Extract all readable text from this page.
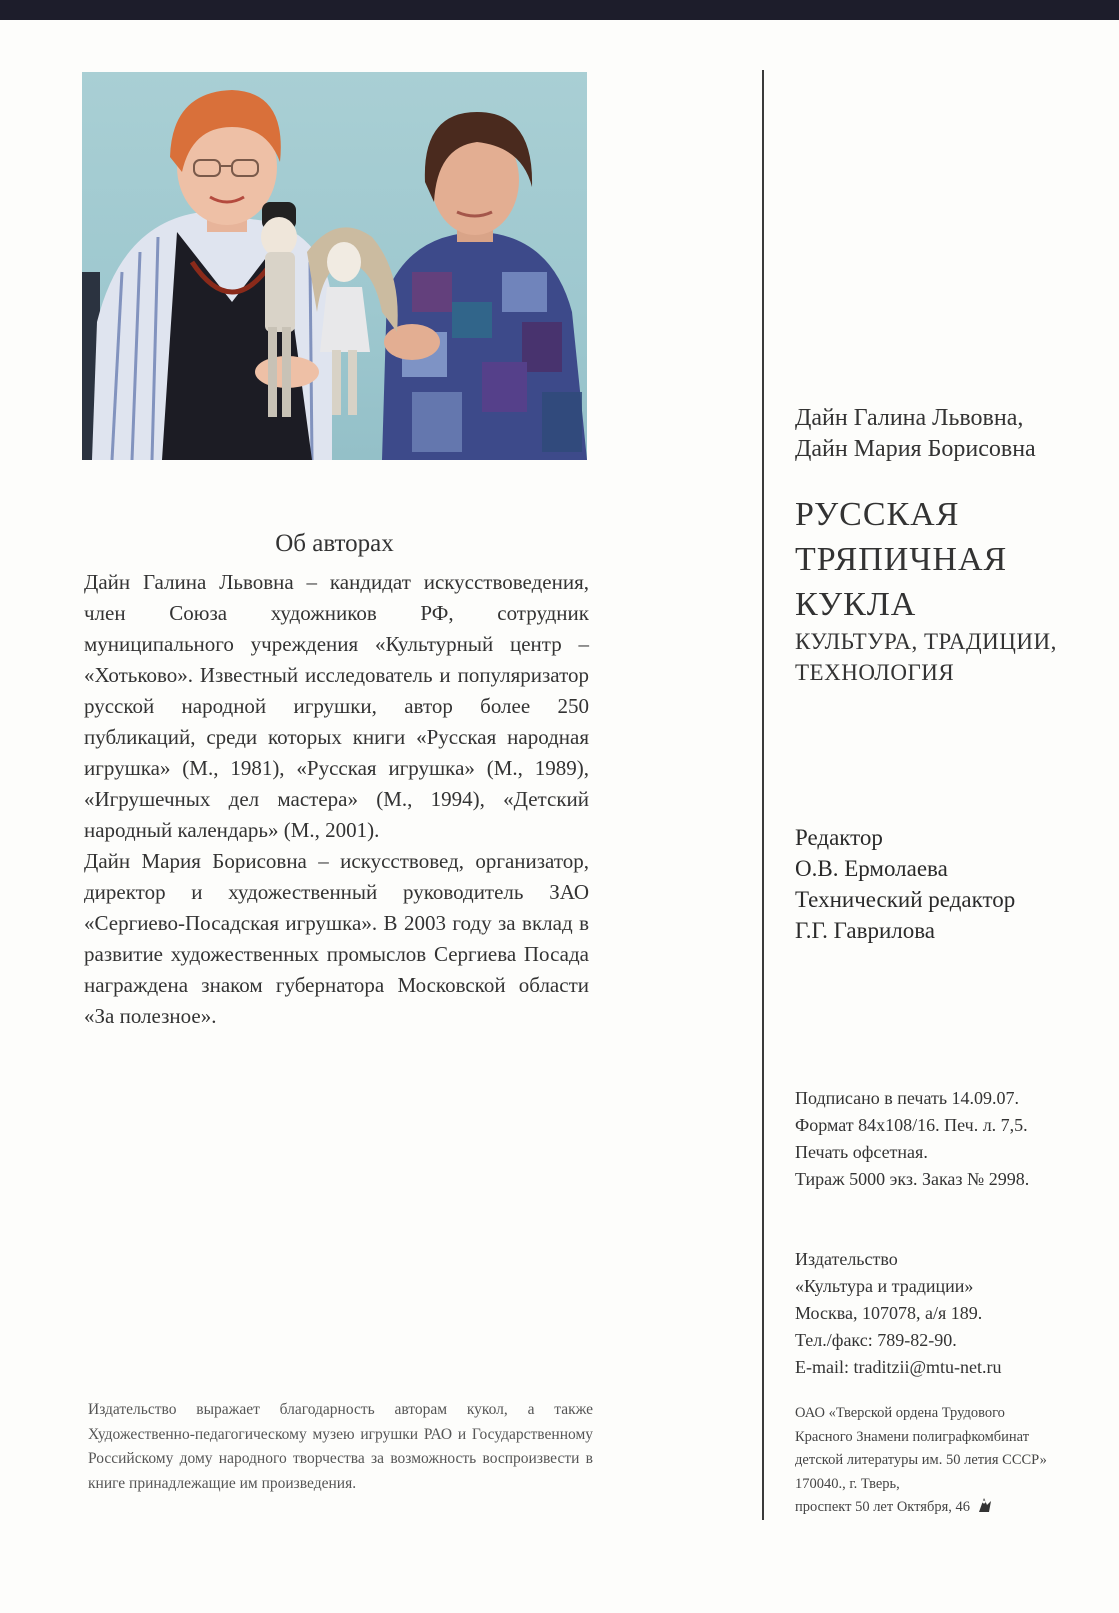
Об авторах

Дайн Галина Львовна – кандидат искусствоведения, член Союза художников РФ, сотрудник муниципального учреждения «Культурный центр – «Хотьково». Известный исследователь и популяризатор русской народной игрушки, автор более 250 публикаций, среди которых книги «Русская народная игрушка» (М., 1981), «Русская игрушка» (М., 1989), «Игрушечных дел мастера» (М., 1994), «Детский народный календарь» (М., 2001).

Дайн Мария Борисовна – искусствовед, организатор, директор и художественный руководитель ЗАО «Сергиево-Посадская игрушка». В 2003 году за вклад в развитие художественных промыслов Сергиева Посада награждена знаком губернатора Московской области «За полезное».

Издательство выражает благодарность авторам кукол, а также Художественно-педагогическому музею игрушки РАО и Государственному Российскому дому народного творчества за возможность воспроизвести в книге принадлежащие им произведения.

Дайн Галина Львовна,
Дайн Мария Борисовна
РУССКАЯ
ТРЯПИЧНАЯ
КУКЛА
КУЛЬТУРА, ТРАДИЦИИ,
ТЕХНОЛОГИЯ
Редактор
О.В. Ермолаева
Технический редактор
Г.Г. Гаврилова
Подписано в печать 14.09.07.
Формат 84x108/16. Печ. л. 7,5.
Печать офсетная.
Тираж 5000 экз. Заказ № 2998.
Издательство
«Культура и традиции»
Москва, 107078, а/я 189.
Тел./факс: 789-82-90.
E-mail: traditzii@mtu-net.ru
ОАО «Тверской ордена Трудового
Красного Знамени полиграфкомбинат
детской литературы им. 50 летия СССР»
170040., г. Тверь,
проспект 50 лет Октября, 46
